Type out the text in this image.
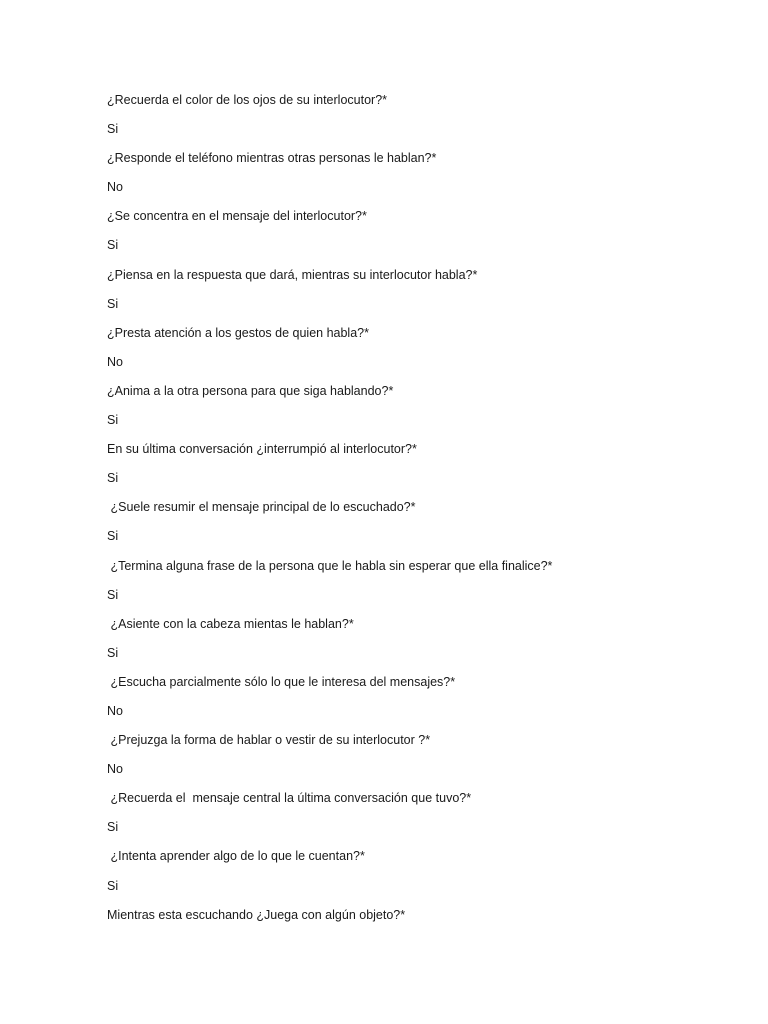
¿Recuerda el color de los ojos de su interlocutor?*
Si
¿Responde el teléfono mientras otras personas le hablan?*
No
¿Se concentra en el mensaje del interlocutor?*
Si
¿Piensa en la respuesta que dará, mientras su interlocutor habla?*
Si
¿Presta atención a los gestos de quien habla?*
No
¿Anima a la otra persona para que siga hablando?*
Si
En su última conversación ¿interrumpió al interlocutor?*
Si
¿Suele resumir el mensaje principal de lo escuchado?*
Si
¿Termina alguna frase de la persona que le habla sin esperar que ella finalice?*
Si
¿Asiente con la cabeza mientas le hablan?*
Si
¿Escucha parcialmente sólo lo que le interesa del mensajes?*
No
¿Prejuzga la forma de hablar o vestir de su interlocutor ?*
No
¿Recuerda el  mensaje central la última conversación que tuvo?*
Si
¿Intenta aprender algo de lo que le cuentan?*
Si
Mientras esta escuchando ¿Juega con algún objeto?*
